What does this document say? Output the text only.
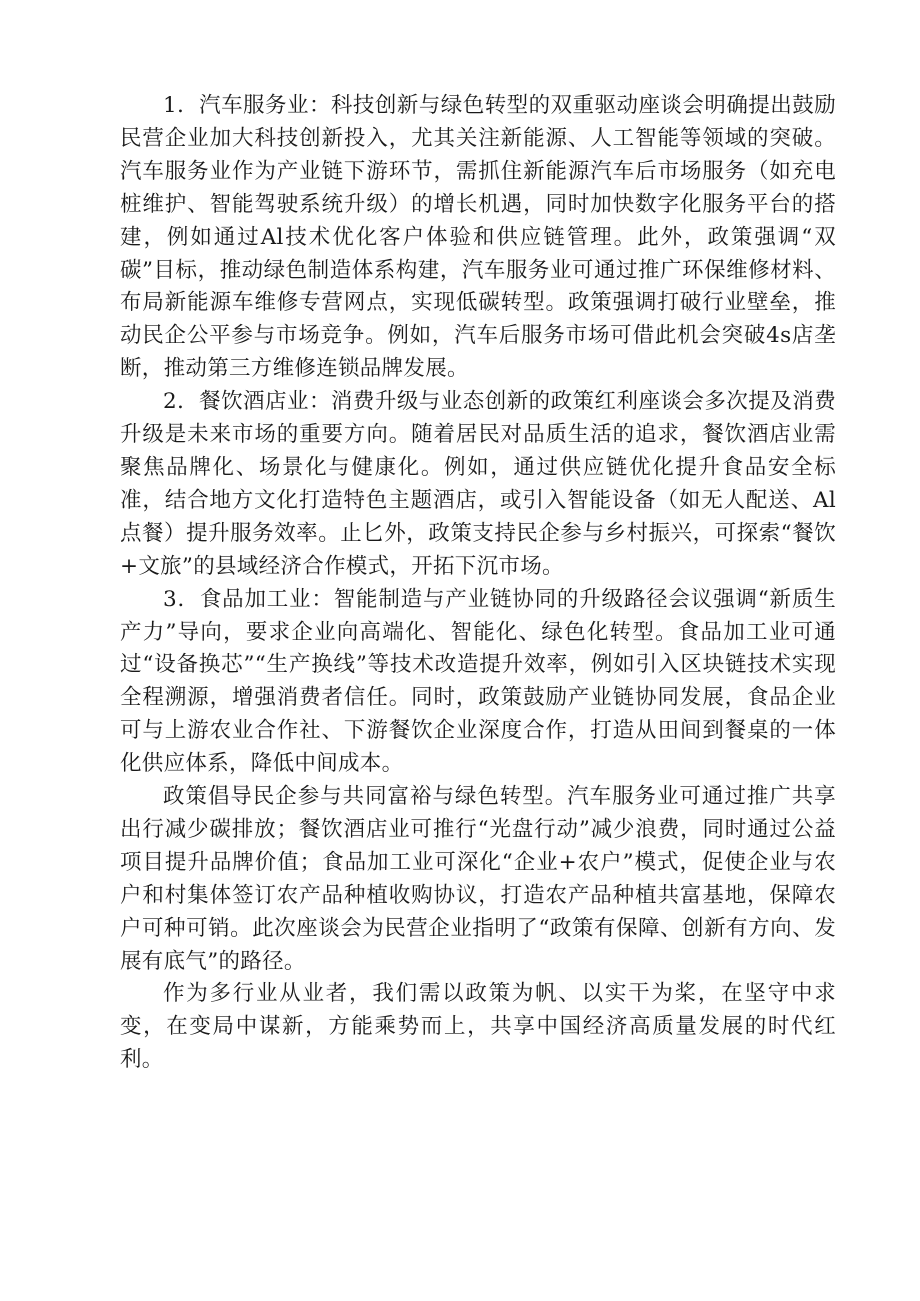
1．汽车服务业：科技创新与绿色转型的双重驱动座谈会明确提出鼓励民营企业加大科技创新投入，尤其关注新能源、人工智能等领域的突破。汽车服务业作为产业链下游环节，需抓住新能源汽车后市场服务（如充电桩维护、智能驾驶系统升级）的增长机遇，同时加快数字化服务平台的搭建，例如通过Al技术优化客户体验和供应链管理。此外，政策强调“双碳”目标，推动绿色制造体系构建，汽车服务业可通过推广环保维修材料、布局新能源车维修专营网点，实现低碳转型。政策强调打破行业壁垒，推动民企公平参与市场竞争。例如，汽车后服务市场可借此机会突破4s店垄断，推动第三方维修连锁品牌发展。

2．餐饮酒店业：消费升级与业态创新的政策红利座谈会多次提及消费升级是未来市场的重要方向。随着居民对品质生活的追求，餐饮酒店业需聚焦品牌化、场景化与健康化。例如，通过供应链优化提升食品安全标准，结合地方文化打造特色主题酒店，或引入智能设备（如无人配送、Al点餐）提升服务效率。止匕外，政策支持民企参与乡村振兴，可探索“餐饮+文旅”的县域经济合作模式，开拓下沉市场。

3．食品加工业：智能制造与产业链协同的升级路径会议强调“新质生产力”导向，要求企业向高端化、智能化、绿色化转型。食品加工业可通过“设备换芯”“生产换线”等技术改造提升效率，例如引入区块链技术实现全程溯源，增强消费者信任。同时，政策鼓励产业链协同发展，食品企业可与上游农业合作社、下游餐饮企业深度合作，打造从田间到餐桌的一体化供应体系，降低中间成本。

政策倡导民企参与共同富裕与绿色转型。汽车服务业可通过推广共享出行减少碳排放；餐饮酒店业可推行“光盘行动”减少浪费，同时通过公益项目提升品牌价值；食品加工业可深化“企业+农户”模式，促使企业与农户和村集体签订农产品种植收购协议，打造农产品种植共富基地，保障农户可种可销。此次座谈会为民营企业指明了“政策有保障、创新有方向、发展有底气”的路径。

作为多行业从业者，我们需以政策为帆、以实干为桨，在坚守中求变，在变局中谋新，方能乘势而上，共享中国经济高质量发展的时代红利。
